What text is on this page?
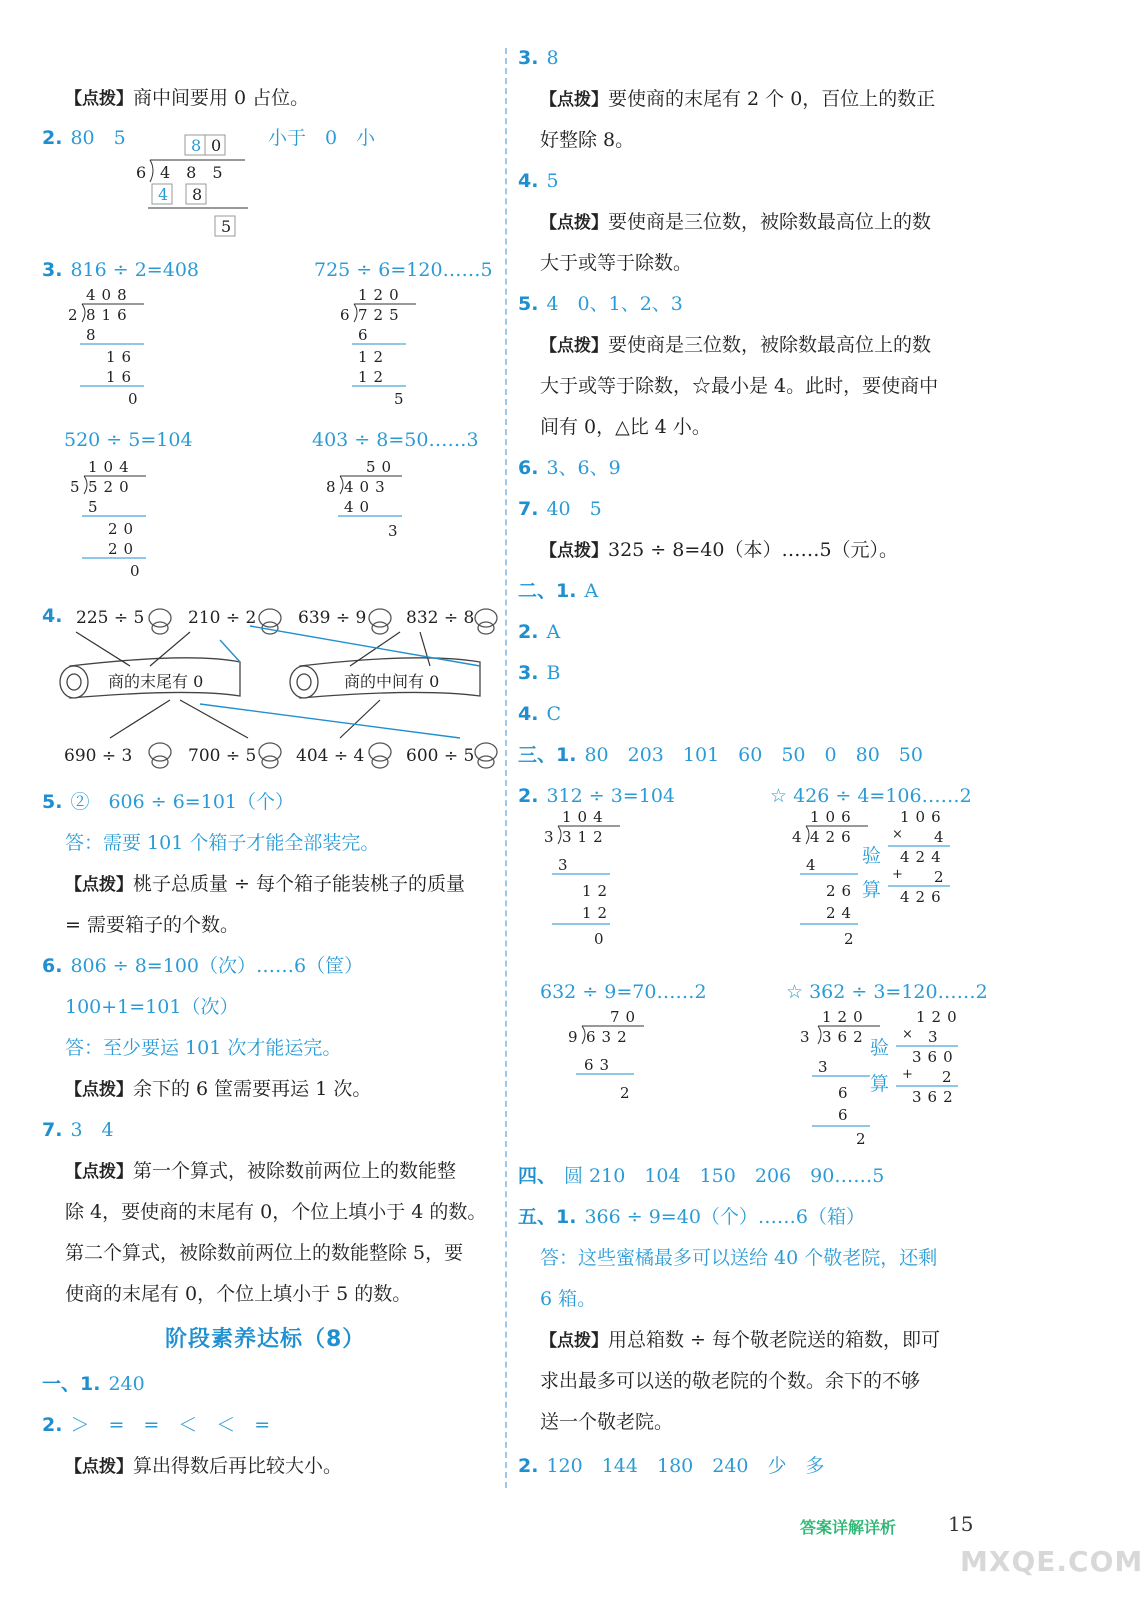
【点拨】商中间要用 0 占位。
2. 80　5	小于　0　小
8 0
6 4　8　5
4 8
5
3. 816 ÷ 2=408	725 ÷ 6=120……5
408
2 816
8
16
16
0
120
6 725
6
12
12
5
520 ÷ 5=104	403 ÷ 8=50……3
104
5 520
5
20
20
0
50
8 403
40
3
4. 225 ÷ 5	210 ÷ 2 639 ÷ 9 832 ÷ 8
商的末尾有 0	商的中间有 0
690 ÷ 3	700 ÷ 5 404 ÷ 4 600 ÷ 5
5. ②　606 ÷ 6=101（个）
答：需要 101 个箱子才能全部装完。
【点拨】桃子总质量 ÷ 每个箱子能装桃子的质量
= 需要箱子的个数。
6. 806 ÷ 8=100（次）……6（筐）
100+1=101（次）
答：至少要运 101 次才能运完。
【点拨】余下的 6 筐需要再运 1 次。
7. 3　4
【点拨】第一个算式，被除数前两位上的数能整
除 4，要使商的末尾有 0，个位上填小于 4 的数。
第二个算式，被除数前两位上的数能整除 5，要
使商的末尾有 0，个位上填小于 5 的数。
阶段素养达标（8）
一、1. 240
2. ＞　=　=　＜　＜　=
【点拨】算出得数后再比较大小。
3. 8
【点拨】要使商的末尾有 2 个 0，百位上的数正
好整除 8。
4. 5
【点拨】要使商是三位数，被除数最高位上的数
大于或等于除数。
5. 4　0、1、2、3
【点拨】要使商是三位数，被除数最高位上的数
大于或等于除数，☆最小是 4。此时，要使商中
间有 0，△比 4 小。
6. 3、6、9
7. 40　5
【点拨】325 ÷ 8=40（本）……5（元）。
二、1. A
2. A
3. B
4. C
三、1. 80　203　101　60　50　0　80　50
2. 312 ÷ 3=104	☆ 426 ÷ 4=106……2
104
3 312
3
12
12
0
106
4 426
4
26
24
2
106
× 4
424
+ 2
426
验
算
632 ÷ 9=70……2	☆ 362 ÷ 3=120……2
70
9 632
63
2
120
3 362
3
6
6
2
120
× 3
360
+ 2
362
验
算
四、 圆 210　104　150　206　90……5
五、1. 366 ÷ 9=40（个）……6（箱）
答：这些蜜橘最多可以送给 40 个敬老院，还剩
6 箱。
【点拨】用总箱数 ÷ 每个敬老院送的箱数，即可
求出最多可以送的敬老院的个数。余下的不够
送一个敬老院。
2. 120　144　180　240　少　多
答案详解详析	15
MXQE.COM
